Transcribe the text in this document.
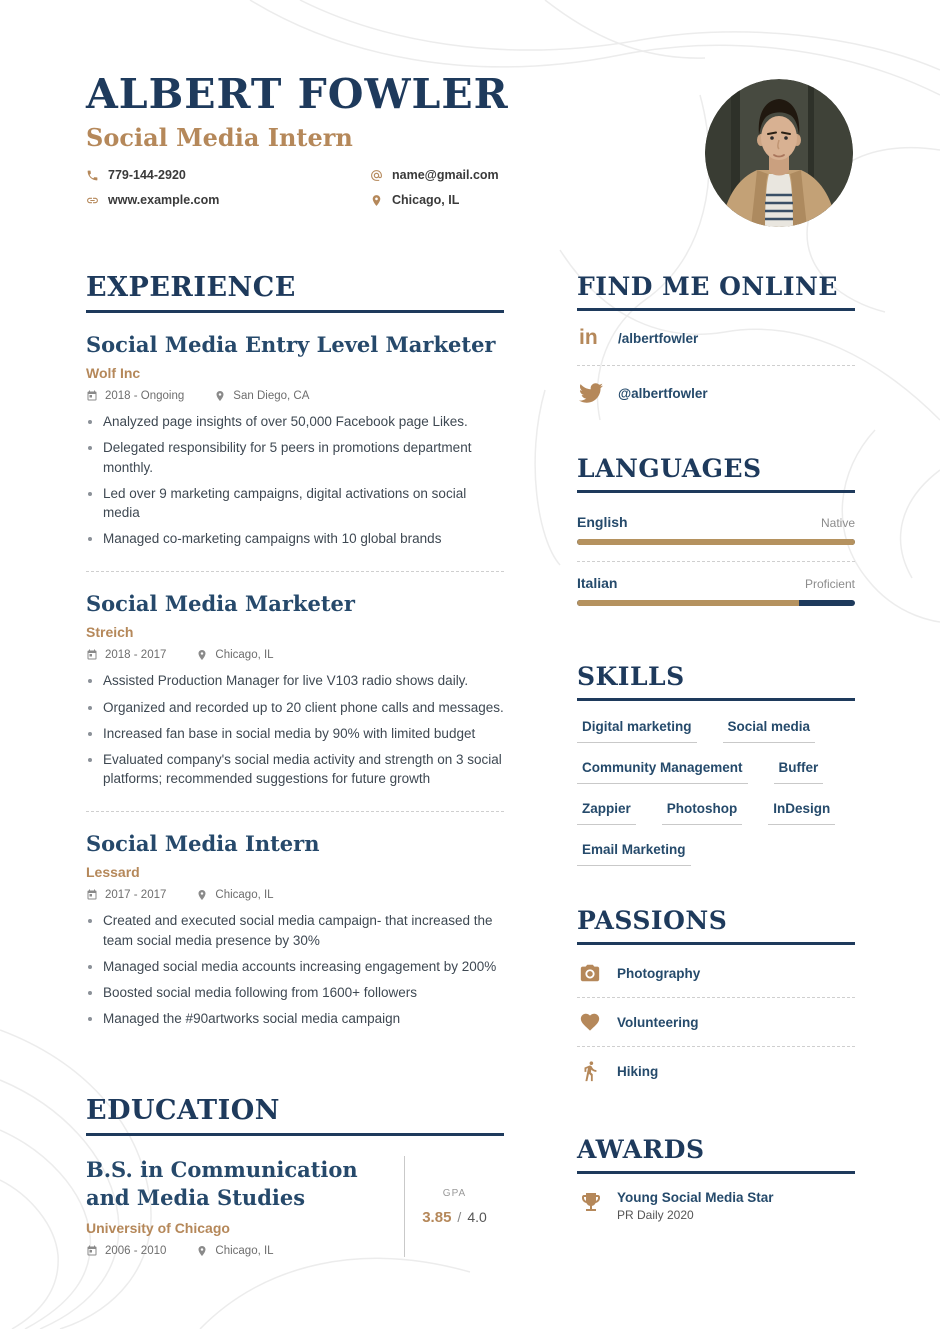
ALBERT FOWLER
Social Media Intern
779-144-2920	name@gmail.com
www.example.com	Chicago, IL
EXPERIENCE
Social Media Entry Level Marketer
Wolf Inc
2018 - Ongoing	San Diego, CA
• Analyzed page insights of over 50,000 Facebook page Likes.
• Delegated responsibility for 5 peers in promotions department monthly.
• Led over 9 marketing campaigns, digital activations on social media
• Managed co-marketing campaigns with 10 global brands
Social Media Marketer
Streich
2018 - 2017	Chicago, IL
• Assisted Production Manager for live V103 radio shows daily.
• Organized and recorded up to 20 client phone calls and messages.
• Increased fan base in social media by 90% with limited budget
• Evaluated company's social media activity and strength on 3 social platforms; recommended suggestions for future growth
Social Media Intern
Lessard
2017 - 2017	Chicago, IL
• Created and executed social media campaign- that increased the team social media presence by 30%
• Managed social media accounts increasing engagement by 200%
• Boosted social media following from 1600+ followers
• Managed the #90artworks social media campaign
EDUCATION
B.S. in Communication and Media Studies
University of Chicago
2006 - 2010	Chicago, IL
GPA
3.85 / 4.0
FIND ME ONLINE
in	/albertfowler
@albertfowler
LANGUAGES
English	Native
Italian	Proficient
SKILLS
Digital marketing	Social media
Community Management	Buffer
Zappier	Photoshop	InDesign
Email Marketing
PASSIONS
Photography
Volunteering
Hiking
AWARDS
Young Social Media Star
PR Daily 2020
